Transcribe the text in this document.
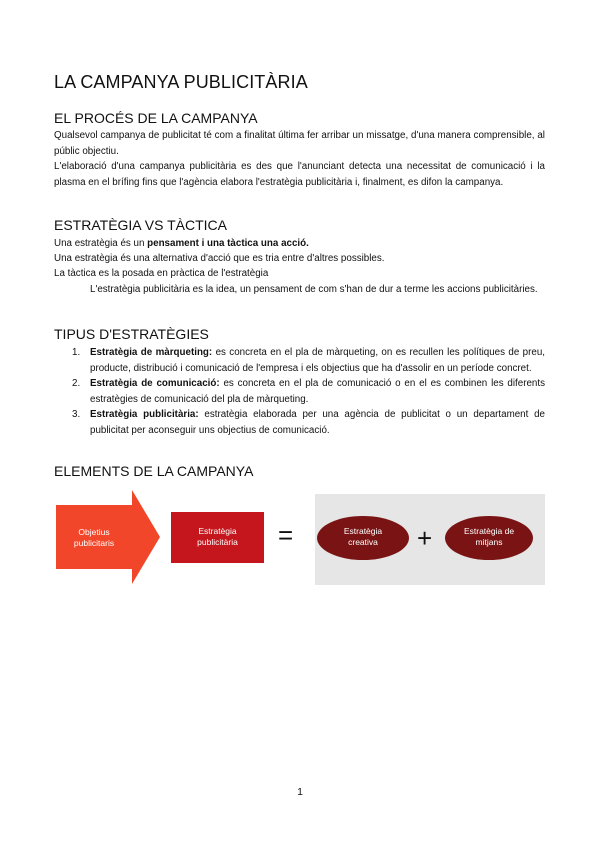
LA CAMPANYA PUBLICITÀRIA
EL PROCÉS DE LA CAMPANYA

Qualsevol campanya de publicitat té com a finalitat última fer arribar un missatge, d'una manera comprensible, al públic objectiu.

L'elaboració d'una campanya publicitària es des que l'anunciant detecta una necessitat de comunicació i la plasma en el brífing fins que l'agència elabora l'estratègia publicitària i, finalment, es difon la campanya.

ESTRATÈGIA VS TÀCTICA

Una estratègia és un pensament i una tàctica una acció.

Una estratègia és una alternativa d'acció que es tria entre d'altres possibles.

La tàctica es la posada en pràctica de l'estratègia

L'estratègia publicitària es la idea, un pensament de com s'han de dur a terme les accions publicitàries.

TIPUS D'ESTRATÈGIES
1. Estratègia de màrqueting: es concreta en el pla de màrqueting, on es recullen les polítiques de preu, producte, distribució i comunicació de l'empresa i els objectius que ha d'assolir en un període concret.
2. Estratègia de comunicació: es concreta en el pla de comunicació o en el es combinen les diferents estratègies de comunicació del pla de màrqueting.
3. Estratègia publicitària: estratègia elaborada per una agència de publicitat o un departament de publicitat per aconseguir uns objectius de comunicació.
ELEMENTS DE LA CAMPANYA
Objetius
publicitaris
Estratègia
publicitària	=	Estratègia
creativa	+	Estratègia de
mitjans
1
